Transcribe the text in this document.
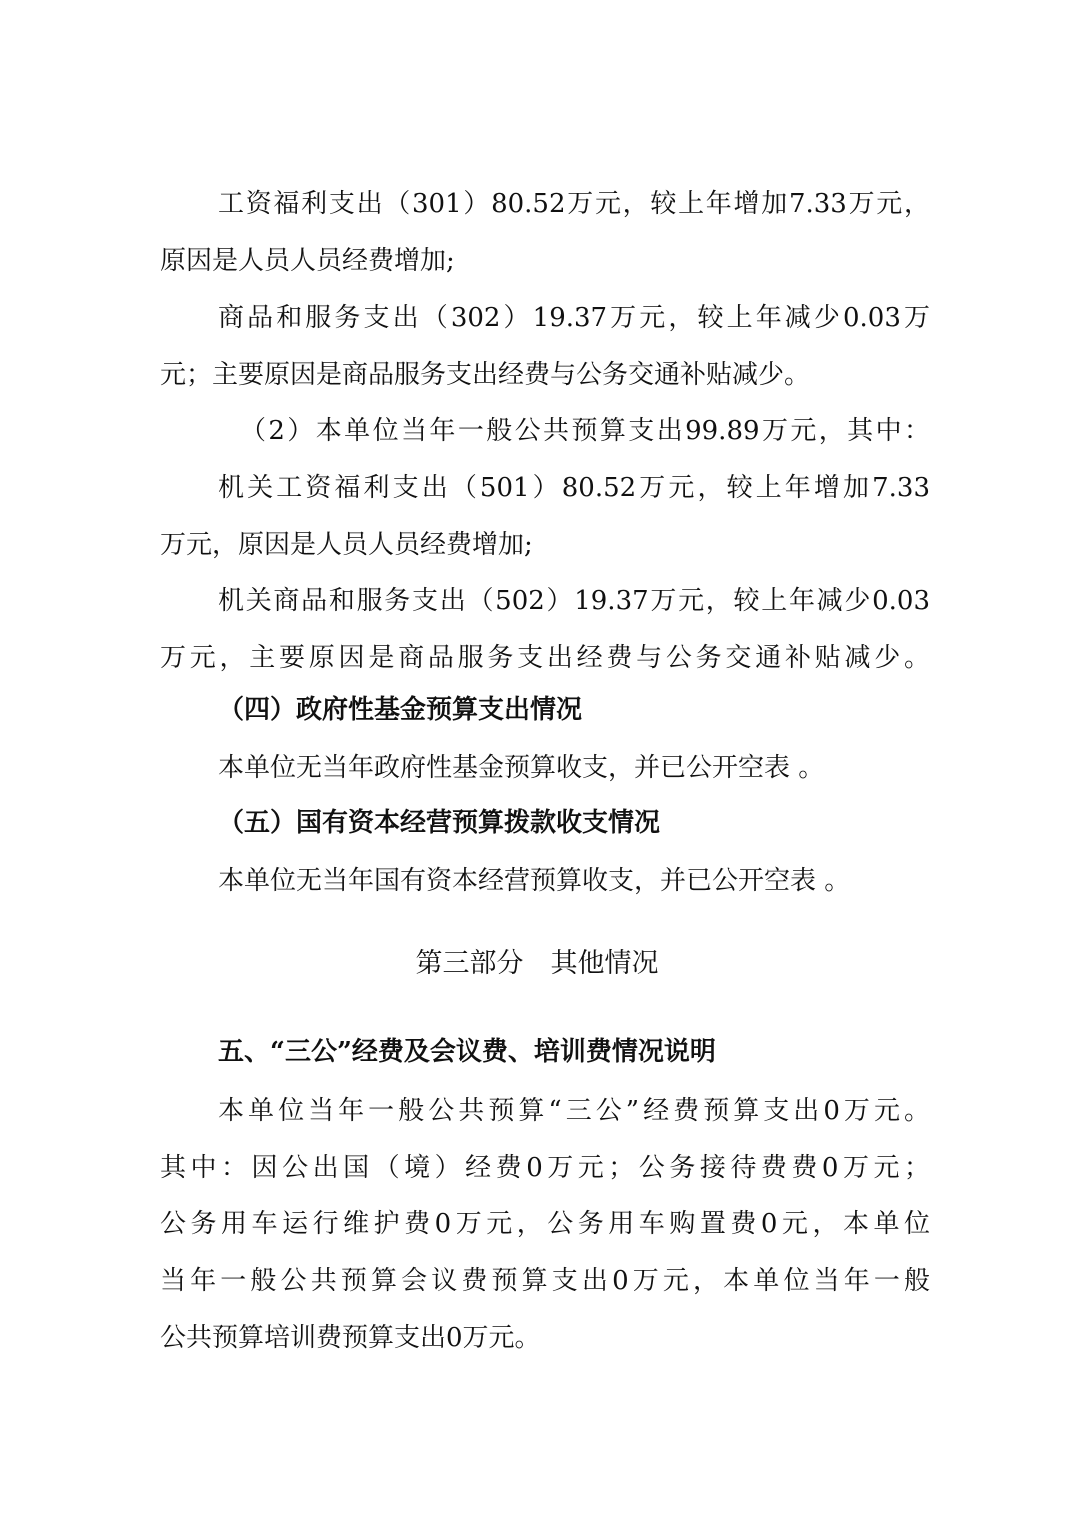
工资福利支出（301）80.52万元，较上年增加7.33万元，
原因是人员人员经费增加;
商品和服务支出（302）19.37万元，较上年减少0.03万
元；主要原因是商品服务支出经费与公务交通补贴减少。
（2）本单位当年一般公共预算支出99.89万元，其中：
机关工资福利支出（501）80.52万元，较上年增加7.33
万元，原因是人员人员经费增加;
机关商品和服务支出（502）19.37万元，较上年减少0.03
万元，主要原因是商品服务支出经费与公务交通补贴减少。
（四）政府性基金预算支出情况
本单位无当年政府性基金预算收支，并已公开空表 。
（五）国有资本经营预算拨款收支情况
本单位无当年国有资本经营预算收支，并已公开空表 。
第三部分　其他情况
五、“三公”经费及会议费、培训费情况说明
本单位当年一般公共预算“三公”经费预算支出0万元。
其中：因公出国（境）经费0万元；公务接待费费0万元；
公务用车运行维护费0万元，公务用车购置费0元，本单位
当年一般公共预算会议费预算支出0万元，本单位当年一般
公共预算培训费预算支出0万元。
